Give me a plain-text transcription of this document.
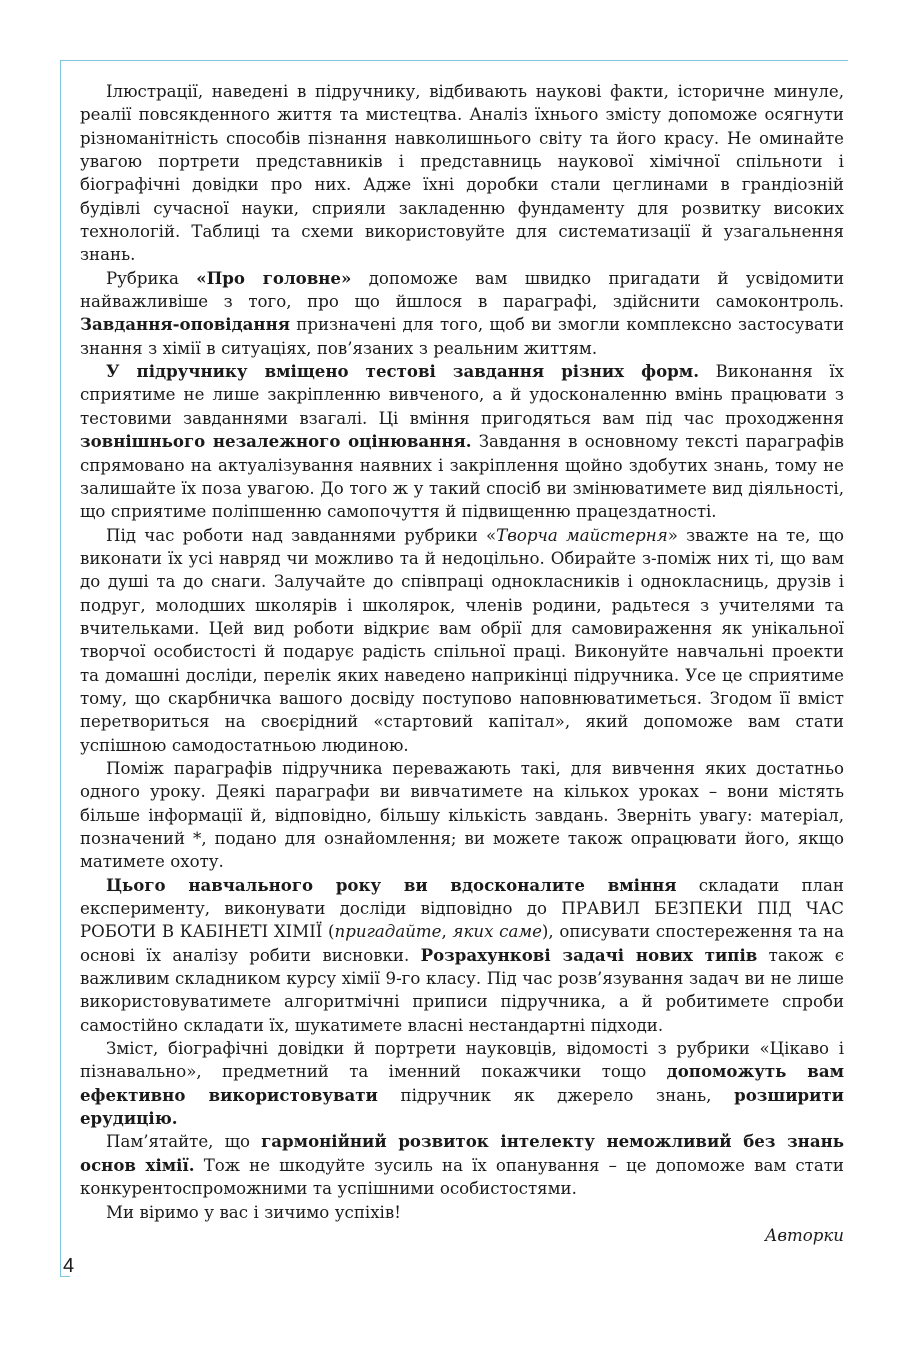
Ілюстрації, наведені в підручнику, відбивають наукові факти, історичне минуле, реалії повсякденного життя та мистецтва. Аналіз їхнього змісту допоможе осягнути різноманітність способів пізнання навколишнього світу та його красу. Не оминайте увагою портрети представників і представниць наукової хімічної спільноти і біографічні довідки про них. Адже їхні доробки стали цеглинами в грандіозній будівлі сучасної науки, сприяли закладенню фундаменту для розвитку високих технологій. Таблиці та схеми використовуйте для систематизації й узагальнення знань.

Рубрика «Про головне» допоможе вам швидко пригадати й усвідомити найважливіше з того, про що йшлося в параграфі, здійснити самоконтроль. Завдання-оповідання призначені для того, щоб ви змогли комплексно застосувати знання з хімії в ситуаціях, пов’язаних з реальним життям.

У підручнику вміщено тестові завдання різних форм. Виконання їх сприятиме не лише закріпленню вивченого, а й удосконаленню вмінь працювати з тестовими завданнями взагалі. Ці вміння пригодяться вам під час проходження зовнішнього незалежного оцінювання. Завдання в основному тексті параграфів спрямовано на актуалізування наявних і закріплення щойно здобутих знань, тому не залишайте їх поза увагою. До того ж у такий спосіб ви змінюватимете вид діяльності, що сприятиме поліпшенню самопочуття й підвищенню працездатності.

Під час роботи над завданнями рубрики «Творча майстерня» зважте на те, що виконати їх усі навряд чи можливо та й недоцільно. Обирайте з-поміж них ті, що вам до душі та до снаги. Залучайте до співпраці однокласників і однокласниць, друзів і подруг, молодших школярів і школярок, членів родини, радьтеся з учителями та вчительками. Цей вид роботи відкриє вам обрії для самовираження як унікальної творчої особистості й подарує радість спільної праці. Виконуйте навчальні проекти та домашні досліди, перелік яких наведено наприкінці підручника. Усе це сприятиме тому, що скарбничка вашого досвіду поступово наповнюватиметься. Згодом її вміст перетвориться на своєрідний «стартовий капітал», який допоможе вам стати успішною самодостатньою людиною.

Поміж параграфів підручника переважають такі, для вивчення яких достатньо одного уроку. Деякі параграфи ви вивчатимете на кількох уроках – вони містять більше інформації й, відповідно, більшу кількість завдань. Зверніть увагу: матеріал, позначений *, подано для ознайомлення; ви можете також опрацювати його, якщо матимете охоту.

Цього навчального року ви вдосконалите вміння складати план експерименту, виконувати досліди відповідно до ПРАВИЛ БЕЗПЕКИ ПІД ЧАС РОБОТИ В КАБІНЕТІ ХІМІЇ (пригадайте, яких саме), описувати спостереження та на основі їх аналізу робити висновки. Розрахункові задачі нових типів також є важливим складником курсу хімії 9-го класу. Під час розв’язування задач ви не лише використовуватимете алгоритмічні приписи підручника, а й робитимете спроби самостійно складати їх, шукатимете власні нестандартні підходи.

Зміст, біографічні довідки й портрети науковців, відомості з рубрики «Цікаво і пізнавально», предметний та іменний покажчики тощо допоможуть вам ефективно використовувати підручник як джерело знань, розширити ерудицію.

Пам’ятайте, що гармонійний розвиток інтелекту неможливий без знань основ хімії. Тож не шкодуйте зусиль на їх опанування – це допоможе вам стати конкурентоспроможними та успішними особистостями.

Ми віримо у вас і зичимо успіхів!

Авторки
4
